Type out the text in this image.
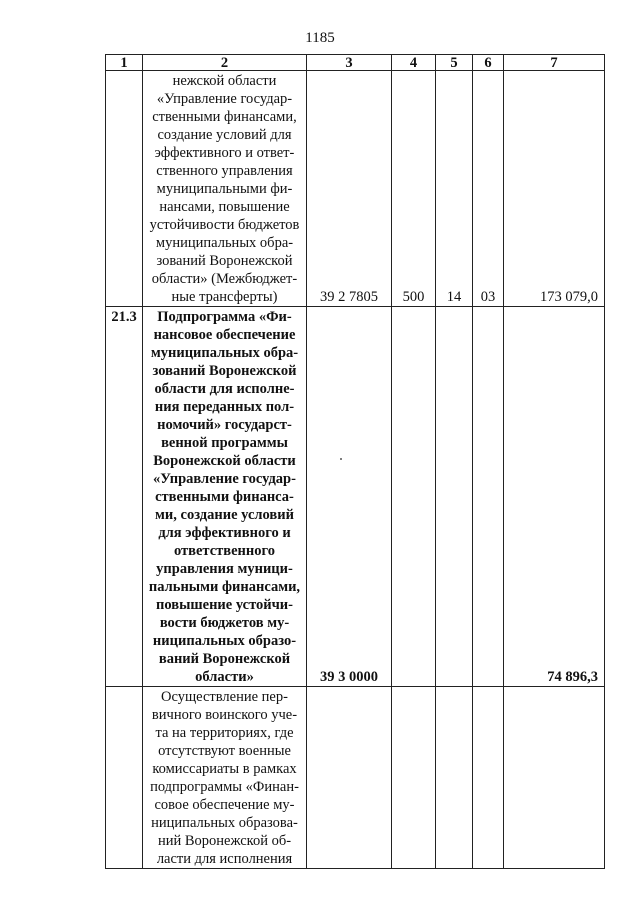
1185
1	2	3	4	5	6	7

	нежской области «Управление государ-ственными финансами, создание условий для эффективного и ответ-ственного управления муниципальными фи-нансами, повышение устойчивости бюджетов муниципальных обра-зований Воронежской области» (Межбюджет-ные трансферты)	39 2 7805	500	14	03	173 079,0
21.3	Подпрограмма «Фи-нансовое обеспечение муниципальных обра-зований Воронежской области для исполне-ния переданных пол-номочий» государст-венной программы Воронежской области «Управление государ-ственными финанса-ми, создание условий для эффективного и ответственного управления муници-пальными финансами, повышение устойчи-вости бюджетов му-ниципальных образо-ваний Воронежской области»	39 3 0000				74 896,3

	Осуществление пер-вичного воинского уче-та на территориях, где отсутствуют военные комиссариаты в рамках подпрограммы «Финан-совое обеспечение му-ниципальных образова-ний Воронежской об-ласти для исполнения					
